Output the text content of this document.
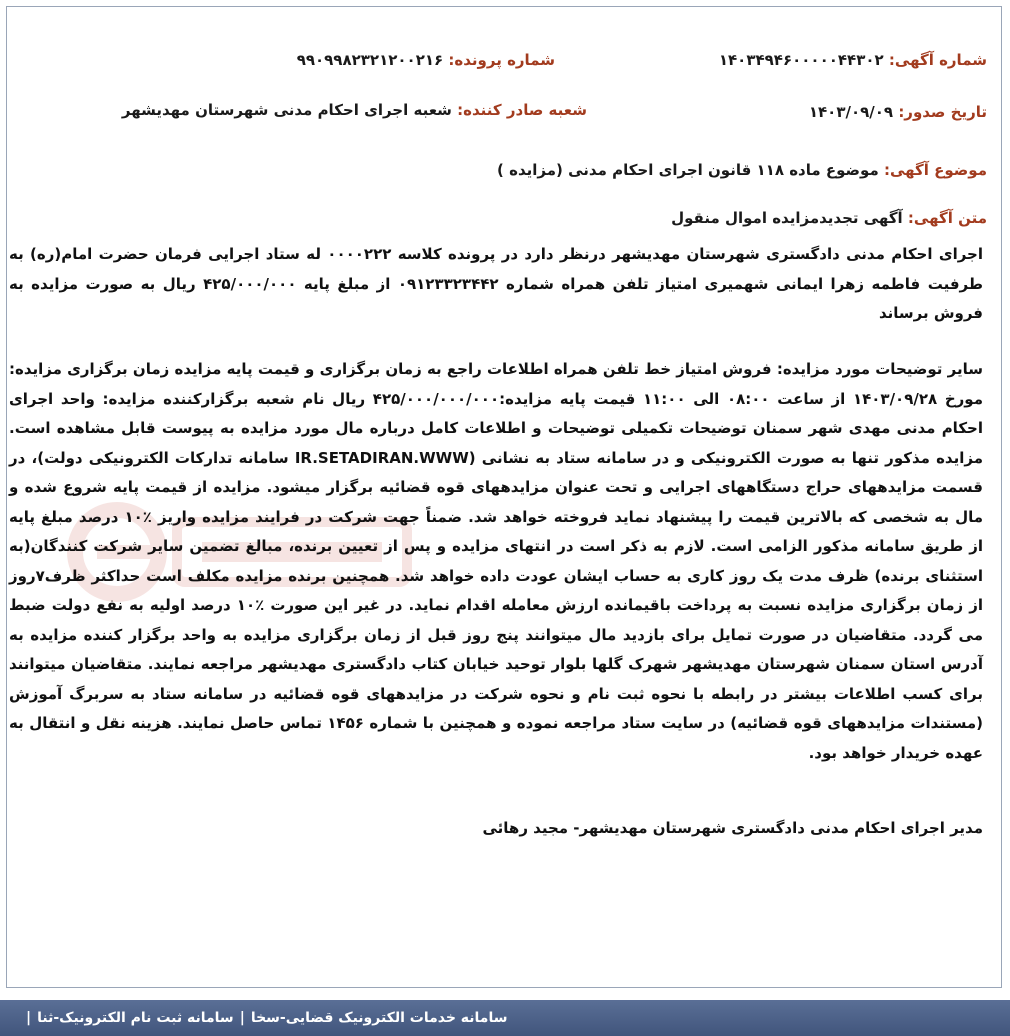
شماره آگهی: ۱۴۰۳۴۹۴۶۰۰۰۰۰۴۴۳۰۲
شماره پرونده: ۹۹۰۹۹۸۲۳۲۱۲۰۰۲۱۶
تاریخ صدور: ۱۴۰۳/۰۹/۰۹
شعبه صادر کننده: شعبه اجرای احکام مدنی شهرستان مهدیشهر
موضوع آگهی: موضوع ماده ۱۱۸ قانون اجرای احکام مدنی (مزایده )
متن آگهی: آگهی تجدیدمزایده اموال منقول

اجرای احکام مدنی دادگستری شهرستان مهدیشهر درنظر دارد در پرونده کلاسه ۰۰۰۰۲۲۲ له ستاد اجرایی فرمان حضرت امام(ره) به طرفیت فاطمه زهرا ایمانی شهمیری امتیاز تلفن همراه شماره ۰۹۱۲۳۳۲۳۴۴۲ از مبلغ پایه ۴۲۵/۰۰۰/۰۰۰ ریال به صورت مزایده به فروش برساند

سایر توضیحات مورد مزایده: فروش امتیاز خط تلفن همراه اطلاعات راجع به زمان برگزاری و قیمت پایه مزایده زمان برگزاری مزایده: مورخ ۱۴۰۳/۰۹/۲۸ از ساعت ۰۸:۰۰ الی ۱۱:۰۰ قیمت پایه مزایده:۴۲۵/۰۰۰/۰۰۰/۰۰۰ ریال نام شعبه برگزارکننده مزایده: واحد اجرای احکام مدنی مهدی شهر سمنان توضیحات تکمیلی توضیحات و اطلاعات کامل درباره مال مورد مزایده به پیوست قابل مشاهده است. مزایده مذکور تنها به صورت الکترونیکی و در سامانه ستاد به نشانی (IR.SETADIRAN.WWW سامانه تدارکات الکترونیکی دولت)، در قسمت مزایدههای حراج دستگاههای اجرایی و تحت عنوان مزایدههای قوه قضائیه برگزار میشود. مزایده از قیمت پایه شروع شده و مال به شخصی که بالاترین قیمت را پیشنهاد نماید فروخته خواهد شد. ضمناً جهت شرکت در فرایند مزایده واریز ٪۱۰ درصد مبلغ پایه از طریق سامانه مذکور الزامی است. لازم به ذکر است در انتهای مزایده و پس از تعیین برنده، مبالغ تضمین سایر شرکت کنندگان(به استثنای برنده) ظرف مدت یک روز کاری به حساب ایشان عودت داده خواهد شد. همچنین برنده مزایده مکلف است حداکثر ظرف۷روز از زمان برگزاری مزایده نسبت به پرداخت باقیمانده ارزش معامله اقدام نماید. در غیر این صورت ٪۱۰ درصد اولیه به نفع دولت ضبط می گردد. متقاضیان در صورت تمایل برای بازدید مال میتوانند پنج روز قبل از زمان برگزاری مزایده به واحد برگزار کننده مزایده به آدرس استان سمنان شهرستان مهدیشهر شهرک گلها بلوار توحید خیابان کتاب دادگستری مهدیشهر مراجعه نمایند. متقاضیان میتوانند برای کسب اطلاعات بیشتر در رابطه با نحوه ثبت نام و نحوه شرکت در مزایدههای قوه قضائیه در سامانه ستاد به سربرگ آموزش (مستندات مزایدههای قوه قضائیه) در سایت ستاد مراجعه نموده و همچنین با شماره ۱۴۵۶ تماس حاصل نمایند. هزینه نقل و انتقال به عهده خریدار خواهد بود.

مدیر اجرای احکام مدنی دادگستری شهرستان مهدیشهر- مجید رهائی
سامانه خدمات الکترونیک قضایی-سخا
|
سامانه ثبت نام الکترونیک-ثنا
|
